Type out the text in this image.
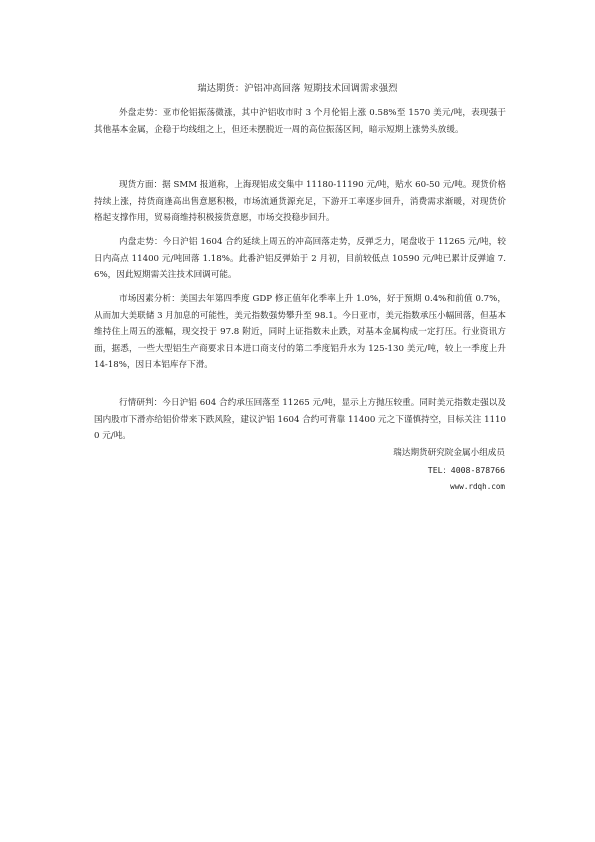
瑞达期货：沪铝冲高回落 短期技术回调需求强烈
外盘走势：亚市伦铝振荡微涨，其中沪铝收市时 3 个月伦铝上涨 0.58%至 1570 美元/吨，表现强于其他基本金属，企稳于均线组之上，但还未摆脱近一周的高位振荡区间，暗示短期上涨势头放缓。
现货方面：据 SMM 报道称，上海现铝成交集中 11180-11190 元/吨，贴水 60-50 元/吨。现货价格持续上涨，持货商逢高出售意愿积极，市场流通货源充足，下游开工率逐步回升，消费需求渐暖，对现货价格起支撑作用，贸易商维持积极接货意愿，市场交投稳步回升。
内盘走势：今日沪铝 1604 合约延续上周五的冲高回落走势，反弹乏力，尾盘收于 11265 元/吨，较日内高点 11400 元/吨回落 1.18%。此番沪铝反弹始于 2 月初，目前较低点 10590 元/吨已累计反弹逾 7.6%，因此短期需关注技术回调可能。
市场因素分析：美国去年第四季度 GDP 修正值年化季率上升 1.0%，好于预期 0.4%和前值 0.7%，从而加大美联储 3 月加息的可能性，美元指数强势攀升至 98.1。今日亚市，美元指数承压小幅回落，但基本维持住上周五的涨幅，现交投于 97.8 附近，同时上证指数未止跌，对基本金属构成一定打压。行业资讯方面，据悉，一些大型铝生产商要求日本进口商支付的第二季度铝升水为 125-130 美元/吨，较上一季度上升 14-18%，因日本铝库存下滑。
行情研判：今日沪铝 604 合约承压回落至 11265 元/吨，显示上方抛压较重。同时美元指数走强以及国内股市下滑亦给铝价带来下跌风险，建议沪铝 1604 合约可背靠 11400 元之下谨慎持空，目标关注 11100 元/吨。
瑞达期货研究院金属小组成员
TEL：4008-878766
www.rdqh.com
